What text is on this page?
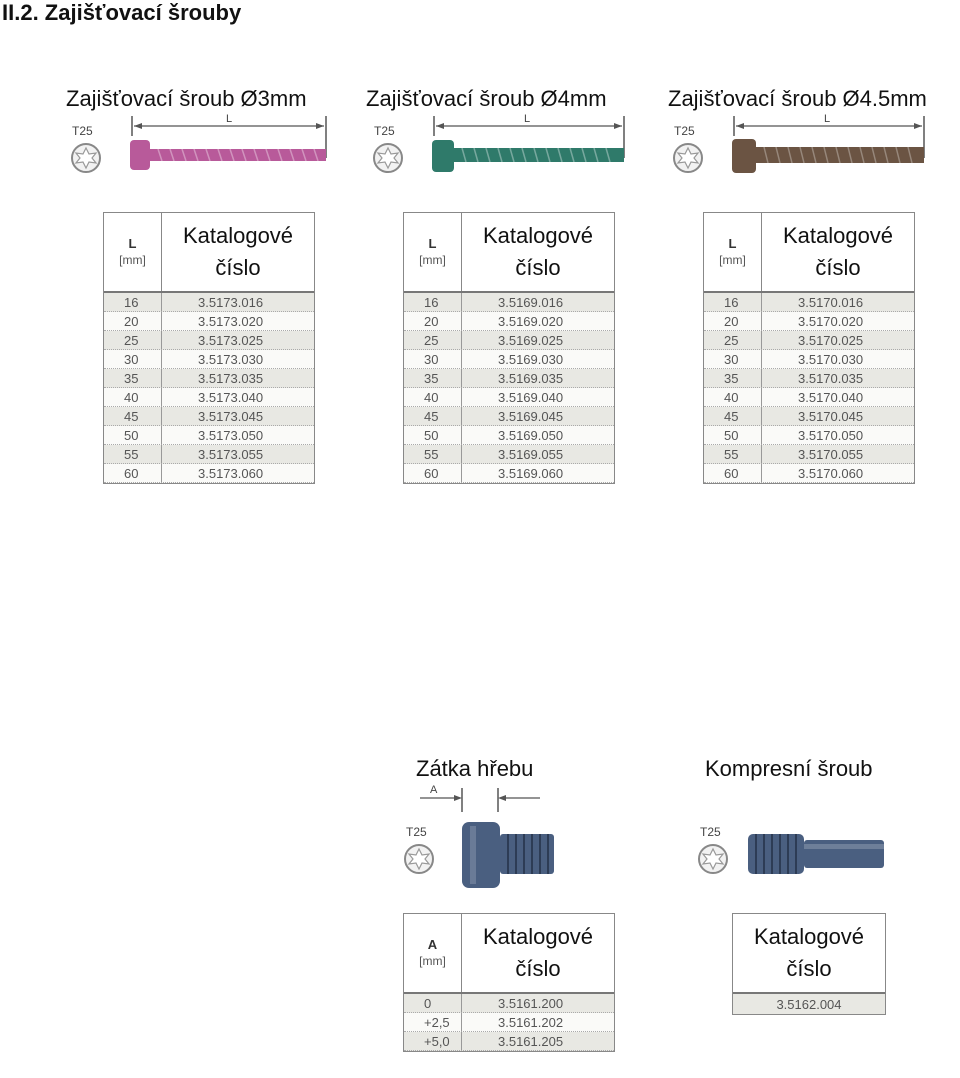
II.2. Zajišťovací šrouby
Zajišťovací šroub Ø3mm
T25
L
Zajišťovací šroub Ø4mm
T25
L
Zajišťovací šroub Ø4.5mm
T25
L
L
[mm]
Katalogové
číslo
16	3.5173.016
20	3.5173.020
25	3.5173.025
30	3.5173.030
35	3.5173.035
40	3.5173.040
45	3.5173.045
50	3.5173.050
55	3.5173.055
60	3.5173.060
L
[mm]
Katalogové
číslo
16	3.5169.016
20	3.5169.020
25	3.5169.025
30	3.5169.030
35	3.5169.035
40	3.5169.040
45	3.5169.045
50	3.5169.050
55	3.5169.055
60	3.5169.060
L
[mm]
Katalogové
číslo
16	3.5170.016
20	3.5170.020
25	3.5170.025
30	3.5170.030
35	3.5170.035
40	3.5170.040
45	3.5170.045
50	3.5170.050
55	3.5170.055
60	3.5170.060
Zátka hřebu
A
T25
A
[mm]
Katalogové
číslo
0	3.5161.200
+2,5	3.5161.202
+5,0	3.5161.205
Kompresní šroub
T25
Katalogové
číslo
3.5162.004
